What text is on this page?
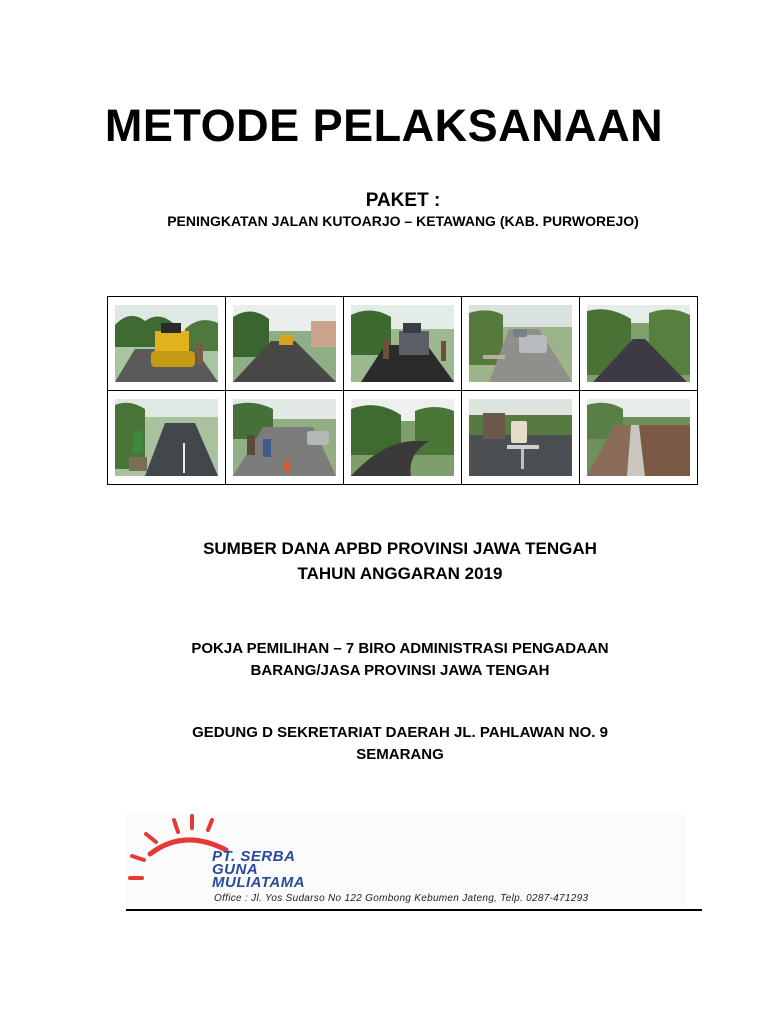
METODE PELAKSANAAN
PAKET :
PENINGKATAN JALAN KUTOARJO – KETAWANG (KAB. PURWOREJO)

SUMBER DANA APBD PROVINSI JAWA TENGAH
TAHUN ANGGARAN 2019
POKJA PEMILIHAN – 7 BIRO ADMINISTRASI PENGADAAN
BARANG/JASA PROVINSI JAWA TENGAH
GEDUNG D SEKRETARIAT DAERAH JL. PAHLAWAN NO. 9
SEMARANG
PT. SERBA
GUNA
MULIATAMA
Office : Jl. Yos Sudarso No 122 Gombong Kebumen Jateng, Telp. 0287-471293
